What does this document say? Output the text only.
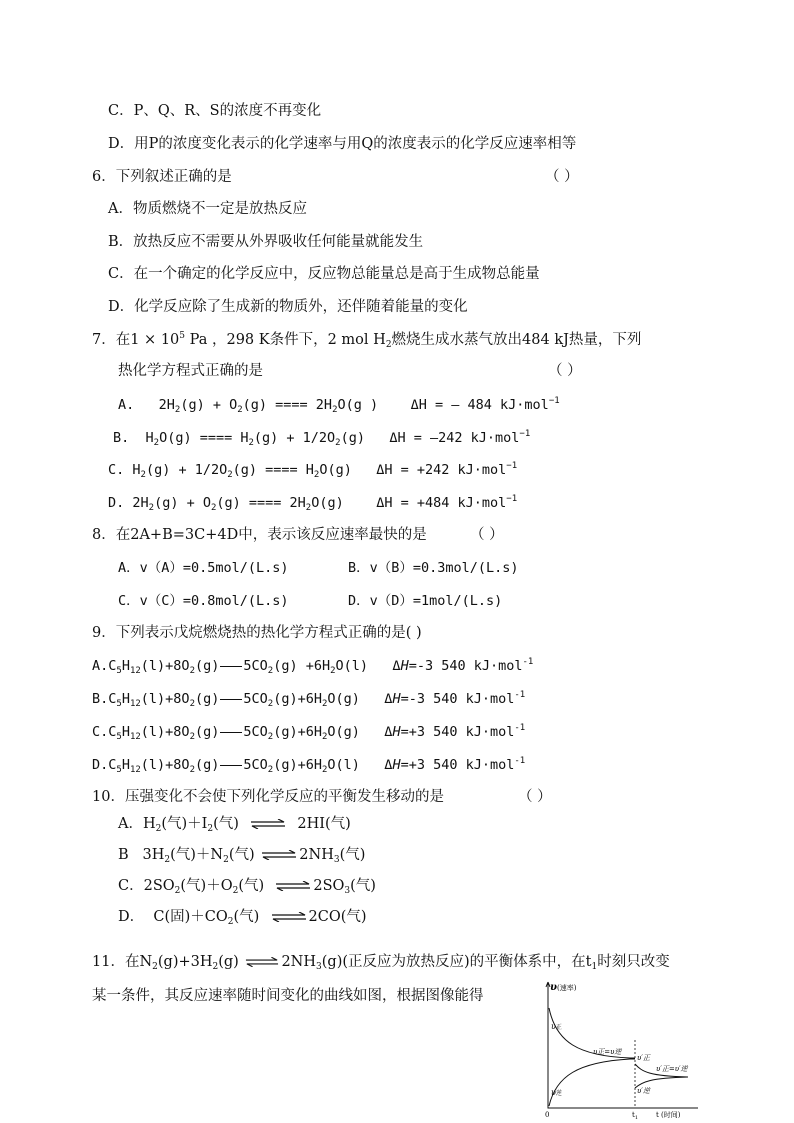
C．P、Q、R、S的浓度不再变化
D．用P的浓度变化表示的化学速率与用Q的浓度表示的化学反应速率相等
6．下列叙述正确的是	（ ）
A．物质燃烧不一定是放热反应
B．放热反应不需要从外界吸收任何能量就能发生
C．在一个确定的化学反应中，反应物总能量总是高于生成物总能量
D．化学反应除了生成新的物质外，还伴随着能量的变化
7．在$1 \times 10^5$ Pa ，298 K条件下，2 mol $H_2$燃烧生成水蒸气放出484 kJ热量，下列
热化学方程式正确的是	（ ）
A.   $2H_2(g) + O_2(g)$ ==== $2H_2O(g$ )    ΔH = — 484 kJ·mol$^{-1}$
B.  $H_2O(g)$ ==== $H_2(g) + 1/2O_2(g) \Delta H$ = —242 kJ·mol$^{-1}$
C. $H_2(g) + 1/2O_2(g)$ ==== $H_2O(g) \Delta H = +242$ kJ·mol$^{-1}$
D. $2H_2(g) + O_2(g)$ ==== $2H_2O(g)$    ΔH = +484 kJ·mol$^{-1}$
8．在2A+B=3C+4D中，表示该反应速率最快的是	（ ）
A．v（A）=0.5mol/(L.s)	B．v（B）=0.3mol/(L.s)
C．v（C）=0.8mol/(L.s)	D．v（D）=1mol/(L.s)
9．下列表示戊烷燃烧热的热化学方程式正确的是( )
$A.C_5H_{12}(l)+8O_2(g)$ $5CO_2(g) +6H_2O(l)$   ΔH=-3 540 kJ·mol$^{-1}$
$B.C_5H_{12}(l)+8O_2(g)$ $5CO_2(g)+6H_2O(g)$   ΔH=-3 540 kJ·mol$^{-1}$
$C.C_5H_{12}(l)+8O_2(g)$ $5CO_2(g)+6H_2O(g)$   ΔH=+3 540 kJ·mol$^{-1}$
$D.C_5H_{12}(l)+8O_2(g)$ $5CO_2(g)+6H_2O(l)$   ΔH=+3 540 kJ·mol$^{-1}$
10．压强变化不会使下列化学反应的平衡发生移动的是	（ ）
A．$H_2$(气)$+I_2$(气)	2HI(气)
B   $3H_2$(气)$+N_2$(气)	$2NH_3$(气)
C．$2SO_2$(气)$+O_2$(气)	$2SO_3$(气)
D．  C(固)$+CO_2$(气)	2CO(气)
11．在$N_2(g)+3H_2(g)$	$2NH_3(g)$(正反应为放热反应)的平衡体系中，在$t_1$时刻只改变
某一条件，其反应速率随时间变化的曲线如图，根据图像能得
υ (速率)
υ正
υ逆
υ正=υ逆
υ′正
υ′逆
υ′正=υ′逆
0	$t_1$	t (时间)
